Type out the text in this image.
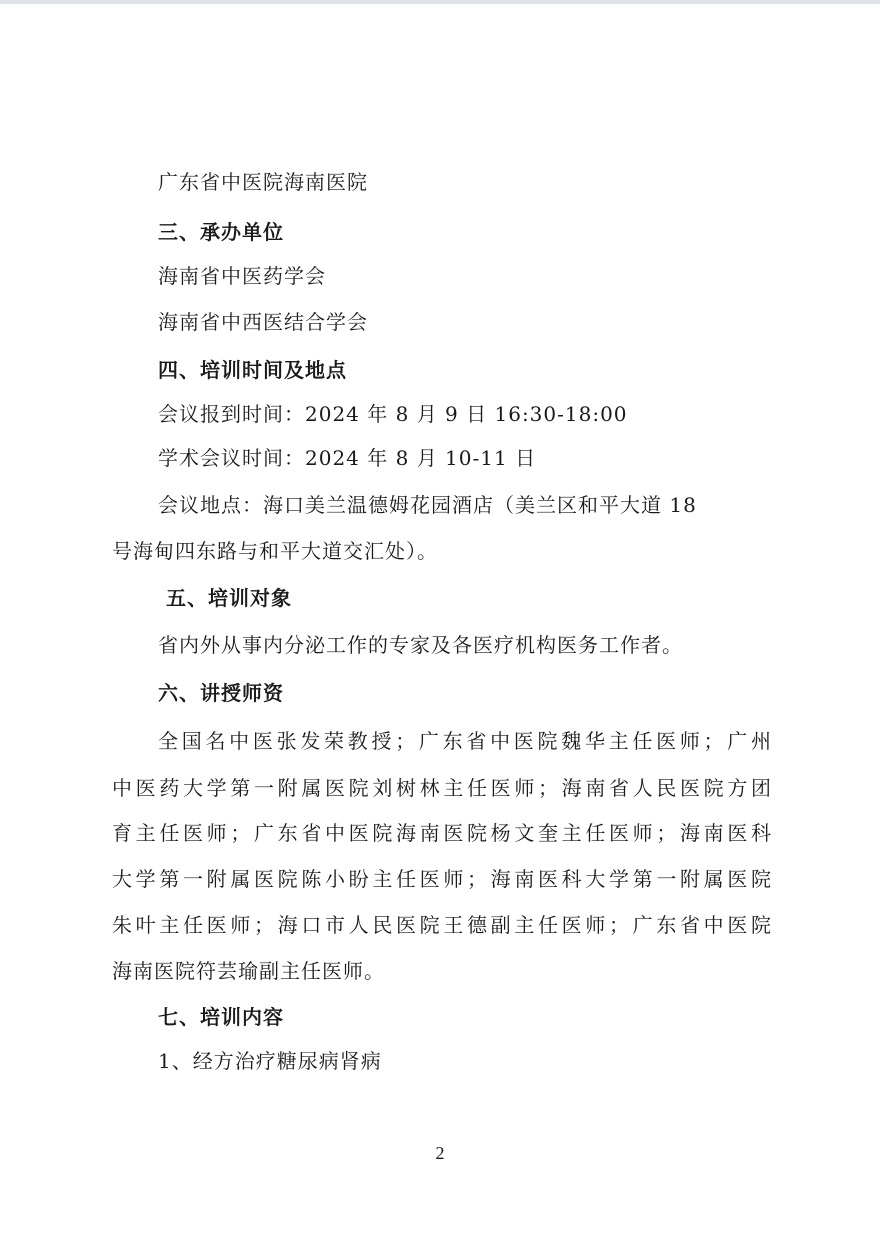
广东省中医院海南医院
三、承办单位
海南省中医药学会
海南省中西医结合学会
四、培训时间及地点
会议报到时间：2024 年 8 月 9 日 16:30-18:00
学术会议时间：2024 年 8 月 10-11 日
会议地点：海口美兰温德姆花园酒店（美兰区和平大道 18
号海甸四东路与和平大道交汇处）。
五、培训对象
省内外从事内分泌工作的专家及各医疗机构医务工作者。
六、讲授师资
全国名中医张发荣教授；广东省中医院魏华主任医师；广州
中医药大学第一附属医院刘树林主任医师；海南省人民医院方团
育主任医师；广东省中医院海南医院杨文奎主任医师；海南医科
大学第一附属医院陈小盼主任医师；海南医科大学第一附属医院
朱叶主任医师；海口市人民医院王德副主任医师；广东省中医院
海南医院符芸瑜副主任医师。
七、培训内容
1、经方治疗糖尿病肾病
2
